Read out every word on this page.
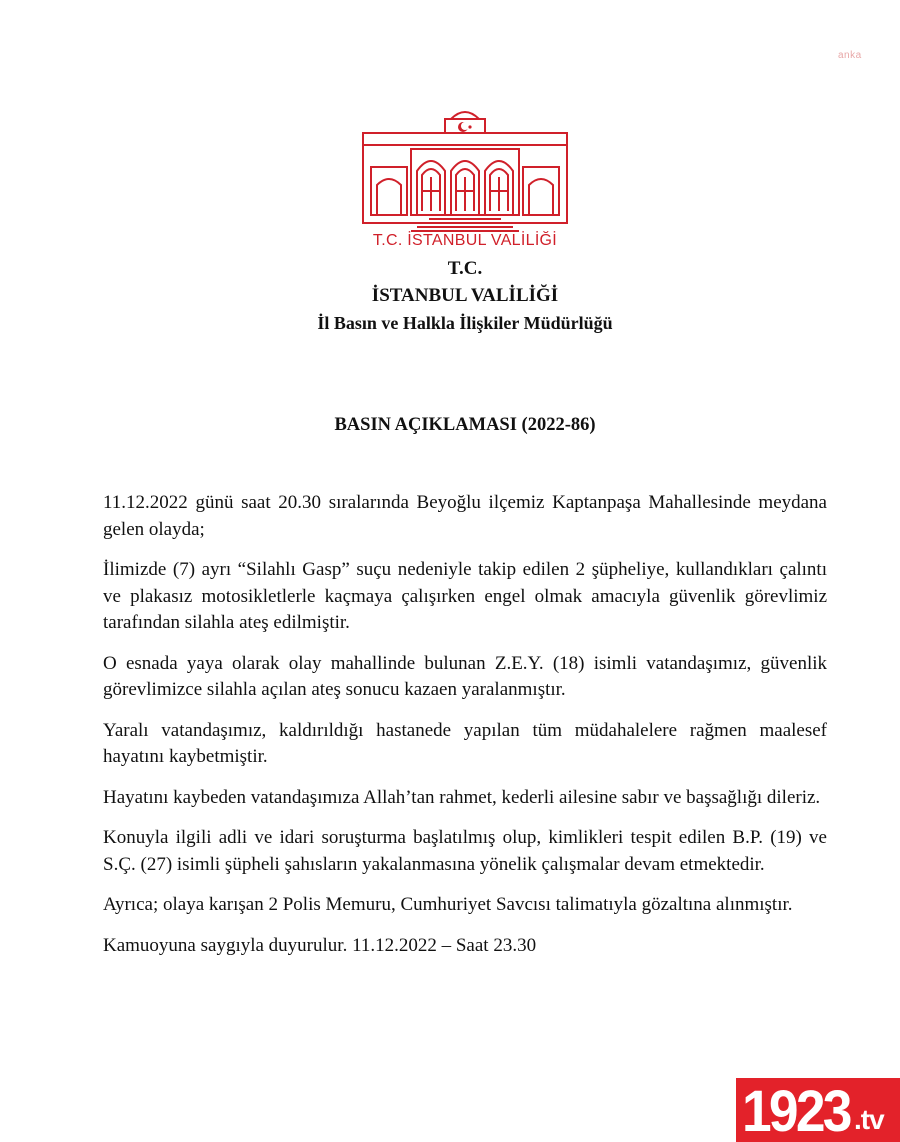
anka
T.C. İSTANBUL VALİLİĞİ
T.C.
İSTANBUL VALİLİĞİ
İl Basın ve Halkla İlişkiler Müdürlüğü
BASIN AÇIKLAMASI (2022-86)

11.12.2022 günü saat 20.30 sıralarında Beyoğlu ilçemiz Kaptanpaşa Mahallesinde meydana gelen olayda;

İlimizde (7) ayrı “Silahlı Gasp” suçu nedeniyle takip edilen 2 şüpheliye, kullandıkları çalıntı ve plakasız motosikletlerle kaçmaya çalışırken engel olmak amacıyla güvenlik görevlimiz tarafından silahla ateş edilmiştir.

O esnada yaya olarak olay mahallinde bulunan Z.E.Y. (18) isimli vatandaşımız, güvenlik görevlimizce silahla açılan ateş sonucu kazaen yaralanmıştır.

Yaralı vatandaşımız, kaldırıldığı hastanede yapılan tüm müdahalelere rağmen maalesef hayatını kaybetmiştir.

Hayatını kaybeden vatandaşımıza Allah’tan rahmet, kederli ailesine sabır ve başsağlığı dileriz.

Konuyla ilgili adli ve idari soruşturma başlatılmış olup, kimlikleri tespit edilen B.P. (19) ve S.Ç. (27) isimli şüpheli şahısların yakalanmasına yönelik çalışmalar devam etmektedir.

Ayrıca; olaya karışan 2 Polis Memuru, Cumhuriyet Savcısı talimatıyla gözaltına alınmıştır.

Kamuoyuna saygıyla duyurulur. 11.12.2022 – Saat 23.30

1923 .tv
